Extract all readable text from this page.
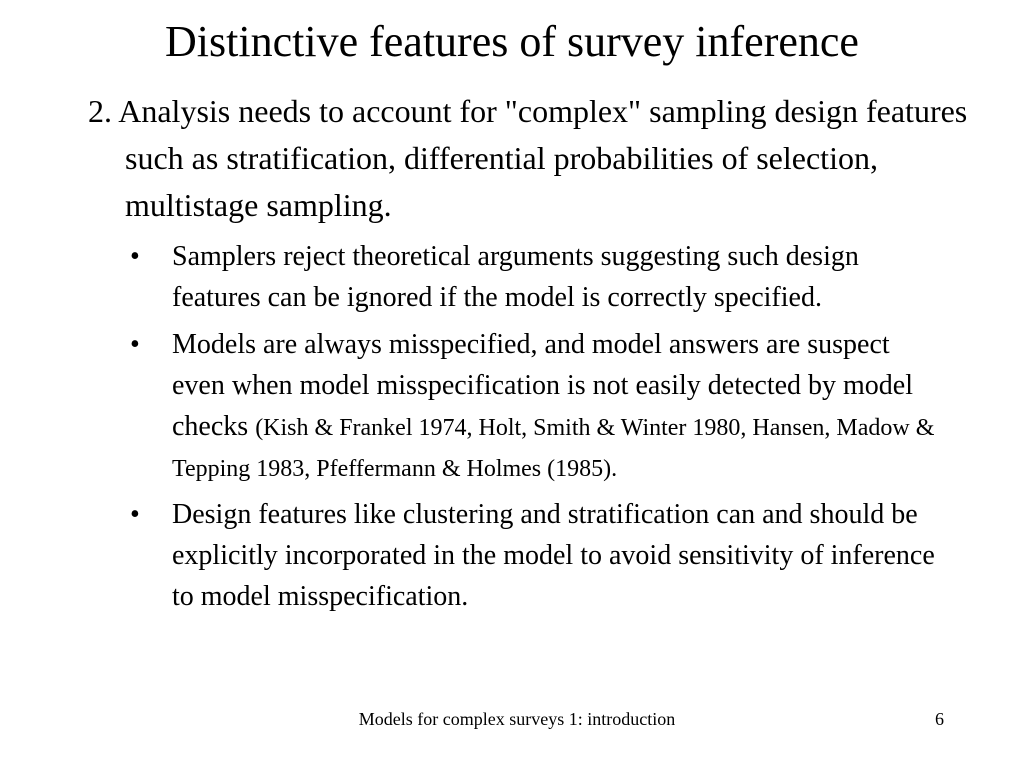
Distinctive features of survey inference
2. Analysis needs to account for "complex" sampling design features such as stratification, differential probabilities of selection, multistage sampling.
•	Samplers reject theoretical arguments suggesting such design features can be ignored if the model is correctly specified.
•	Models are always misspecified, and model answers are suspect even when model misspecification is not easily detected by model checks (Kish & Frankel 1974, Holt, Smith & Winter 1980, Hansen, Madow & Tepping 1983, Pfeffermann & Holmes (1985).
•	Design features like clustering and stratification can and should be explicitly incorporated in the model to avoid sensitivity of inference to model misspecification.
Models for complex surveys 1: introduction	6
